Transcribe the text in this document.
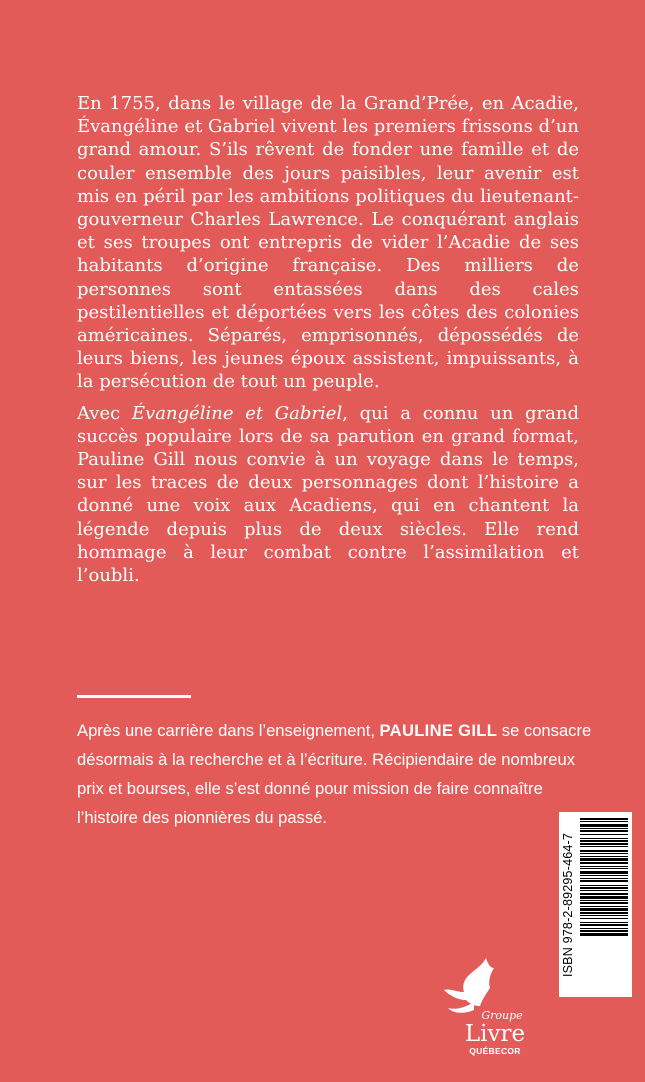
En 1755, dans le village de la Grand’Prée, en Acadie, Évangéline et Gabriel vivent les premiers frissons d’un grand amour. S’ils rêvent de fonder une famille et de couler ensemble des jours paisibles, leur avenir est mis en péril par les ambitions politiques du lieutenant-gouverneur Charles Lawrence. Le conquérant anglais et ses troupes ont entrepris de vider l’Acadie de ses habitants d’origine française. Des milliers de personnes sont entassées dans des cales pestilentielles et déportées vers les côtes des colonies américaines. Séparés, emprisonnés, dépossédés de leurs biens, les jeunes époux assistent, impuissants, à la persécution de tout un peuple.

Avec Évangéline et Gabriel, qui a connu un grand succès populaire lors de sa parution en grand format, Pauline Gill nous convie à un voyage dans le temps, sur les traces de deux personnages dont l’histoire a donné une voix aux Acadiens, qui en chantent la légende depuis plus de deux siècles. Elle rend hommage à leur combat contre l’assimilation et l’oubli.

Après une carrière dans l’enseignement, PAULINE GILL se consacre désormais à la recherche et à l’écriture. Récipiendaire de nombreux prix et bourses, elle s’est donné pour mission de faire connaître l’histoire des pionnières du passé.
ISBN 978-2-89295-464-7
Groupe
Livre
QUÉBECOR
